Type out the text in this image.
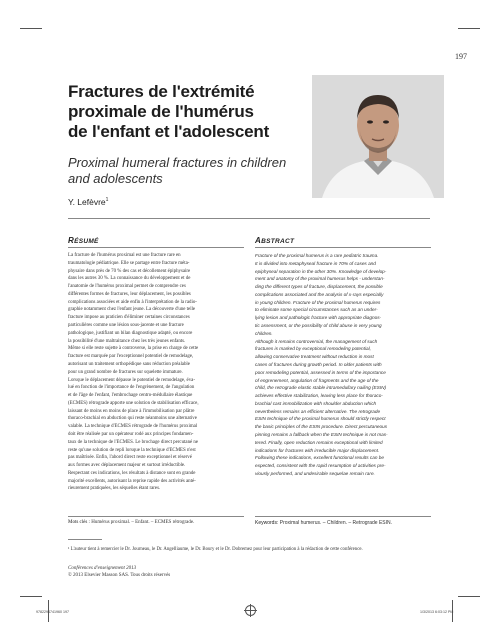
197
Fractures de l'extrémité
proximale de l'humérus
de l'enfant et l'adolescent
Proximal humeral fractures in children
and adolescents
Y. Lefèvre$^1$
RÉSUMÉ	ABSTRACT
La fracture de l'humérus proximal est une fracture rare en
traumatologie pédiatrique. Elle se partage entre fracture méta-
physaire dans près de 70 % des cas et décollement épiphysaire
dans les autres 30 %. La connaissance du développement et de
l'anatomie de l'humérus proximal permet de comprendre ces
différentes formes de fractures, leur déplacement, les possibles
complications associées et aide enfin à l'interprétation de la radio-
graphie notamment chez l'enfant jeune. La découverte d'une telle
fracture impose au praticien d'éliminer certaines circonstances
particulières comme une lésion sous-jacente et une fracture
pathologique, justifiant un bilan diagnostique adapté, ou encore
la possibilité d'une maltraitance chez les très jeunes enfants.
Même si elle reste sujette à controverse, la prise en charge de cette
fracture est marquée par l'exceptionnel potentiel de remodelage,
autorisant un traitement orthopédique sans réduction préalable
pour un grand nombre de fractures sur squelette immature.
Lorsque le déplacement dépasse le potentiel de remodelage, éva-
lué en fonction de l'importance de l'engrènement, de l'angulation
et de l'âge de l'enfant, l'embrochage centro-médullaire élastique
(ECMES) rétrograde apporte une solution de stabilisation efficace,
laissant de moins en moins de place à l'immobilisation par plâtre
thoraco-brachial en abduction qui reste néanmoins une alternative
valable. La technique d'ECMES rétrograde de l'humérus proximal
doit être réalisée par un opérateur rodé aux principes fondamen-
taux de la technique de l'ECMES. Le brochage direct percutané ne
reste qu'une solution de repli lorsque la technique d'ECMES n'est
pas maîtrisée. Enfin, l'abord direct reste exceptionnel et réservé
aux formes avec déplacement majeur et surtout irréductible.
Respectant ces indications, les résultats à distance sont en grande
majorité excellents, autorisant la reprise rapide des activités anté-
rieurement pratiquées, les séquelles étant rares.
Fracture of the proximal humerus is a rare pediatric trauma.
It is divided into metaphyseal fracture in 70% of cases and
epiphyseal separation in the other 30%. Knowledge of develop-
ment and anatomy of the proximal humerus helps - understan-
ding the different types of fracture, displacement, the possible
complications associated and the analysis of x-rays especially
in young children. Fracture of the proximal humerus requires
to eliminate some special circumstances such as an under-
lying lesion and pathologic fracture with appropriate diagnos-
tic assessment, or the possibility of child abuse in very young
children.
Although it remains controversial, the management of such
fractures is marked by exceptional remodeling potential,
allowing conservative treatment without reduction in most
cases of fractures during growth period. In older patients with
poor remodeling potential, assessed in terms of the importance
of engrenement, angulation of fragments and the age of the
child, the retrograde elastic stable intramedullary nailing (ESIN)
achieves effective stabilization, leaving less place for thoraco-
brachial cast immobilization with shoulder abduction which
nevertheless remains an efficient alternative. The retrograde
ESIN technique of the proximal humerus should strictly respect
the basic principles of the ESIN procedure. Direct percutaneous
pinning remains a fallback when the ESIN technique is not mas-
tered. Finally, open reduction remains exceptional with limited
indications for fractures with irreducible major displacement.
Following these indications, excellent functional results can be
expected, consistent with the rapid resumption of activities pre-
viously performed, and undesirable sequelae remain rare.
Mots clés : Humérus proximal. – Enfant. – ECMES rétrograde.	Keywords: Proximal humerus. – Children. – Retrograde ESIN.
¹ L'auteur tient à remercier le Dr. Journeau, le Dr. Angelliaume, le Dr. Boury et le Dr. Dobremez pour leur participation à la rédaction de cette conférence.
Conférences d'enseignement 2013
© 2013 Elsevier Masson SAS. Tous droits réservés
9782294741960 197	1/3/2013 6:03:12 PM
